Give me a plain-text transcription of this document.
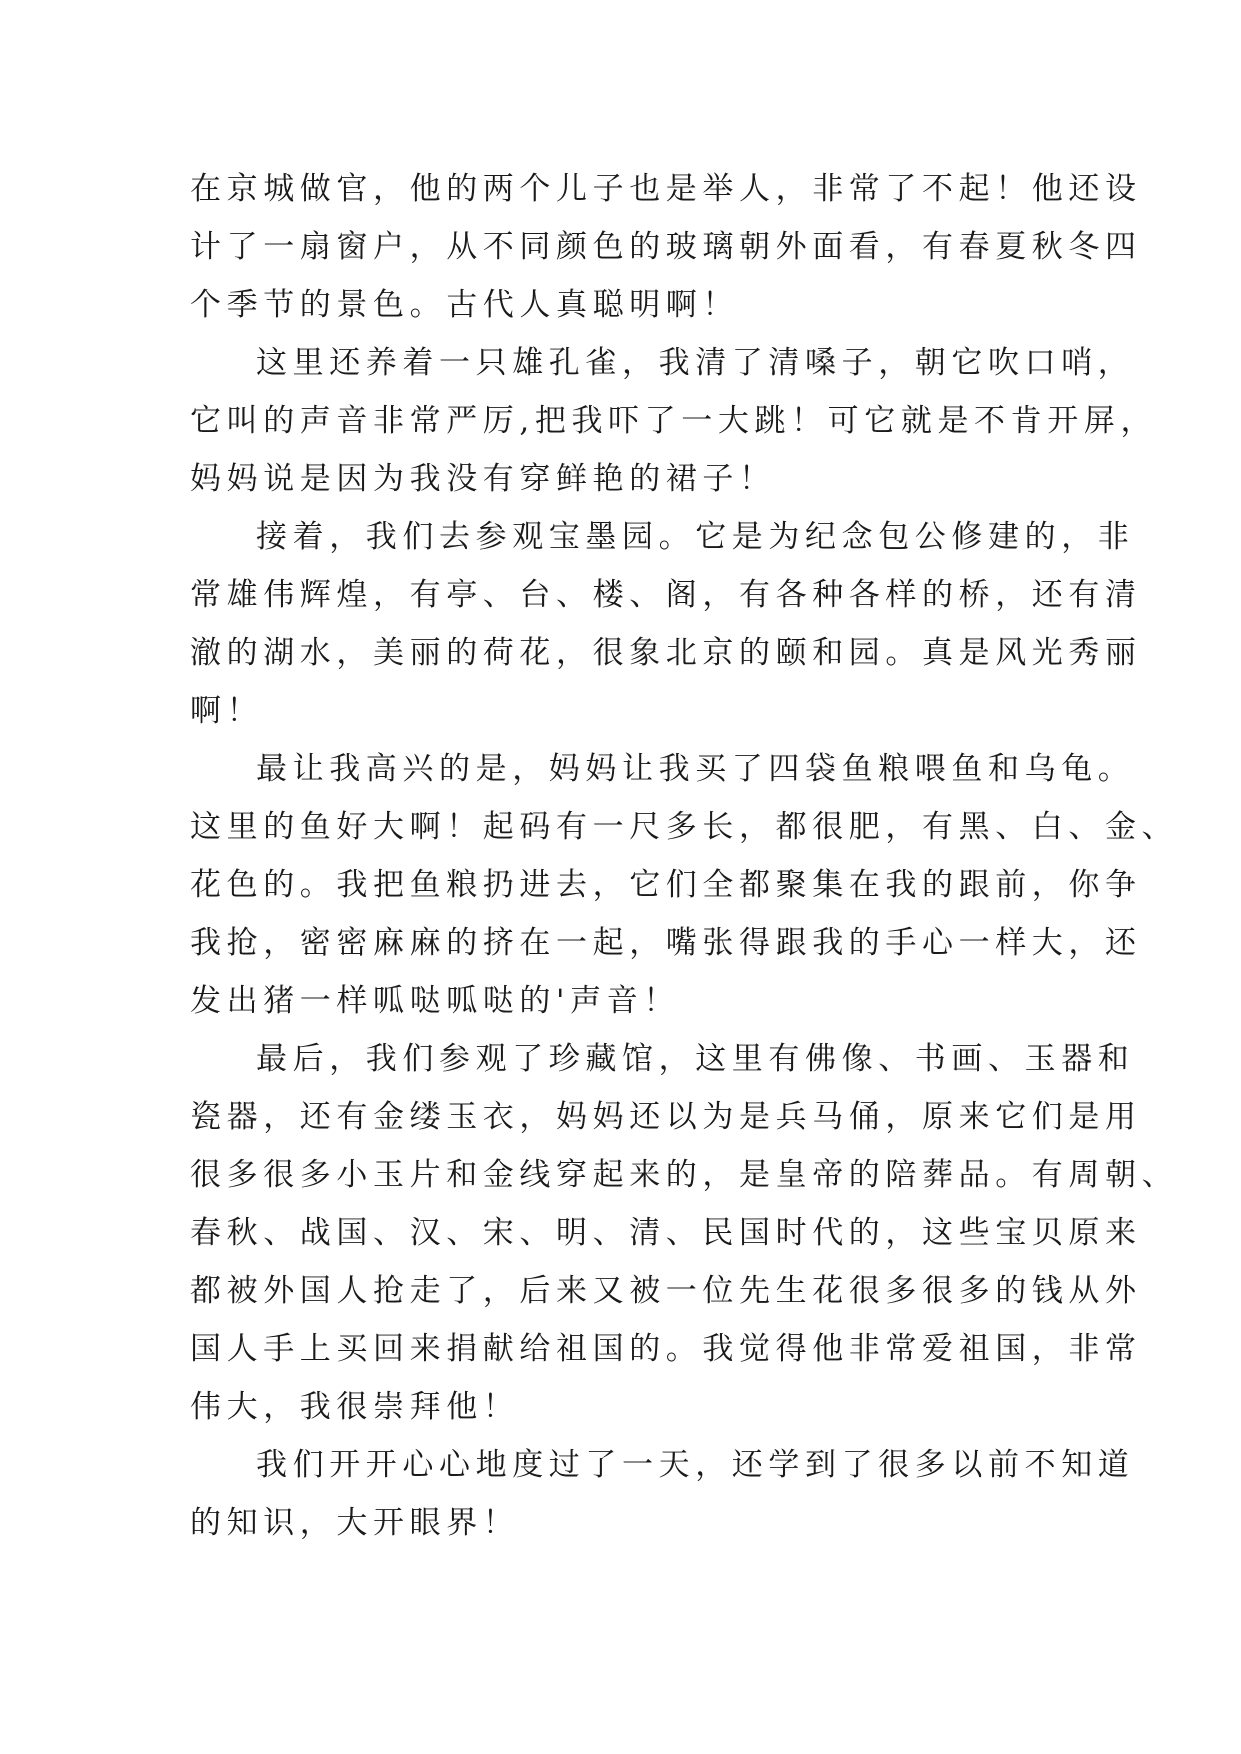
在京城做官，他的两个儿子也是举人，非常了不起！他还设
计了一扇窗户，从不同颜色的玻璃朝外面看，有春夏秋冬四
个季节的景色。古代人真聪明啊！

这里还养着一只雄孔雀，我清了清嗓子，朝它吹口哨，
它叫的声音非常严厉,把我吓了一大跳！可它就是不肯开屏，
妈妈说是因为我没有穿鲜艳的裙子！

接着，我们去参观宝墨园。它是为纪念包公修建的，非
常雄伟辉煌，有亭、台、楼、阁，有各种各样的桥，还有清
澈的湖水，美丽的荷花，很象北京的颐和园。真是风光秀丽
啊！

最让我高兴的是，妈妈让我买了四袋鱼粮喂鱼和乌龟。
这里的鱼好大啊！起码有一尺多长，都很肥，有黑、白、金、
花色的。我把鱼粮扔进去，它们全都聚集在我的跟前，你争
我抢，密密麻麻的挤在一起，嘴张得跟我的手心一样大，还
发出猪一样呱哒呱哒的'声音！

最后，我们参观了珍藏馆，这里有佛像、书画、玉器和
瓷器，还有金缕玉衣，妈妈还以为是兵马俑，原来它们是用
很多很多小玉片和金线穿起来的，是皇帝的陪葬品。有周朝、
春秋、战国、汉、宋、明、清、民国时代的，这些宝贝原来
都被外国人抢走了，后来又被一位先生花很多很多的钱从外
国人手上买回来捐献给祖国的。我觉得他非常爱祖国，非常
伟大，我很崇拜他！

我们开开心心地度过了一天，还学到了很多以前不知道
的知识，大开眼界！
